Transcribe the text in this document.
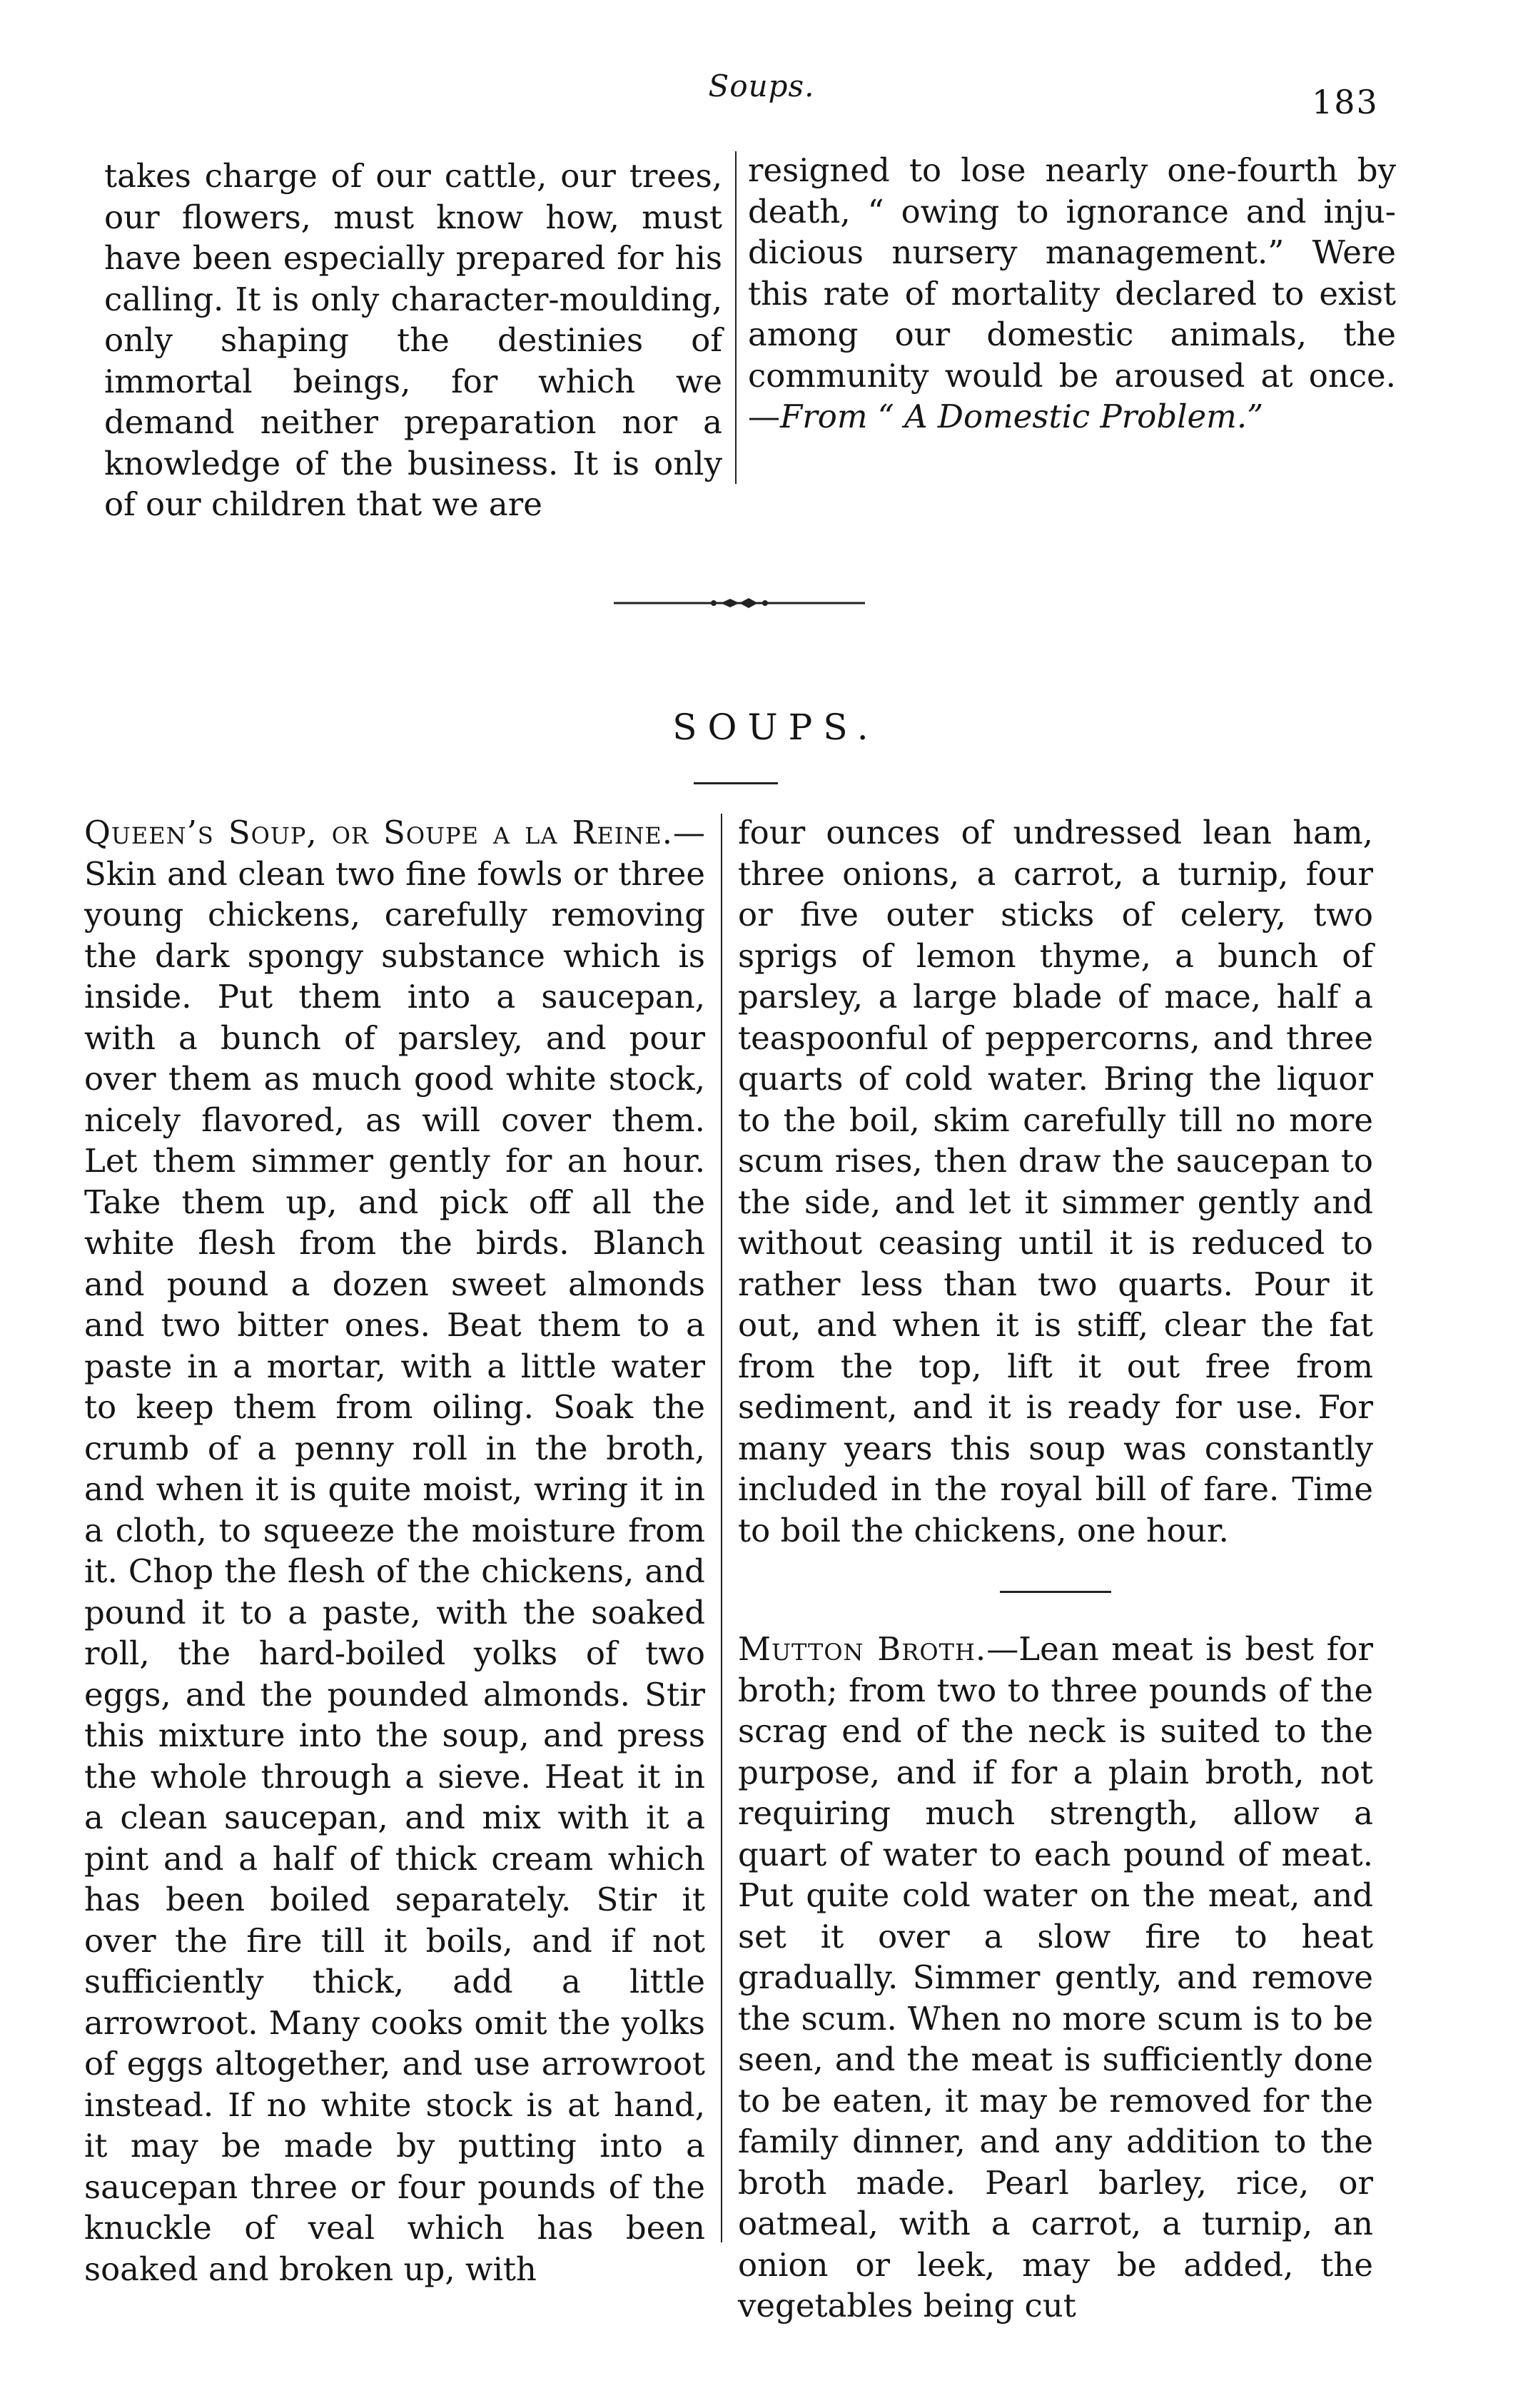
Soups.	183

takes charge of our cattle, our trees, our flowers, must know how, must have been especially prepared for his calling. It is only character-moulding, only shaping the destinies of immortal beings, for which we demand neither preparation nor a knowledge of the business. It is only of our children that we are

resigned to lose nearly one-fourth by death, “ owing to ignorance and injudicious nursery management.” Were this rate of mortality declared to exist among our domestic animals, the community would be aroused at once.—From “ A Domestic Problem.”

SOUPS.

Queen’s Soup, or Soupe a la Reine.—Skin and clean two fine fowls or three young chickens, carefully removing the dark spongy substance which is inside. Put them into a saucepan, with a bunch of parsley, and pour over them as much good white stock, nicely flavored, as will cover them. Let them simmer gently for an hour. Take them up, and pick off all the white flesh from the birds. Blanch and pound a dozen sweet almonds and two bitter ones. Beat them to a paste in a mortar, with a little water to keep them from oiling. Soak the crumb of a penny roll in the broth, and when it is quite moist, wring it in a cloth, to squeeze the moisture from it. Chop the flesh of the chickens, and pound it to a paste, with the soaked roll, the hard-boiled yolks of two eggs, and the pounded almonds. Stir this mixture into the soup, and press the whole through a sieve. Heat it in a clean saucepan, and mix with it a pint and a half of thick cream which has been boiled separately. Stir it over the fire till it boils, and if not sufficiently thick, add a little arrowroot. Many cooks omit the yolks of eggs altogether, and use arrowroot instead. If no white stock is at hand, it may be made by putting into a saucepan three or four pounds of the knuckle of veal which has been soaked and broken up, with

four ounces of undressed lean ham, three onions, a carrot, a turnip, four or five outer sticks of celery, two sprigs of lemon thyme, a bunch of parsley, a large blade of mace, half a teaspoonful of peppercorns, and three quarts of cold water. Bring the liquor to the boil, skim carefully till no more scum rises, then draw the saucepan to the side, and let it simmer gently and without ceasing until it is reduced to rather less than two quarts. Pour it out, and when it is stiff, clear the fat from the top, lift it out free from sediment, and it is ready for use. For many years this soup was constantly included in the royal bill of fare. Time to boil the chickens, one hour.

Mutton Broth.—Lean meat is best for broth; from two to three pounds of the scrag end of the neck is suited to the purpose, and if for a plain broth, not requiring much strength, allow a quart of water to each pound of meat. Put quite cold water on the meat, and set it over a slow fire to heat gradually. Simmer gently, and remove the scum. When no more scum is to be seen, and the meat is sufficiently done to be eaten, it may be removed for the family dinner, and any addition to the broth made. Pearl barley, rice, or oatmeal, with a carrot, a turnip, an onion or leek, may be added, the vegetables being cut
